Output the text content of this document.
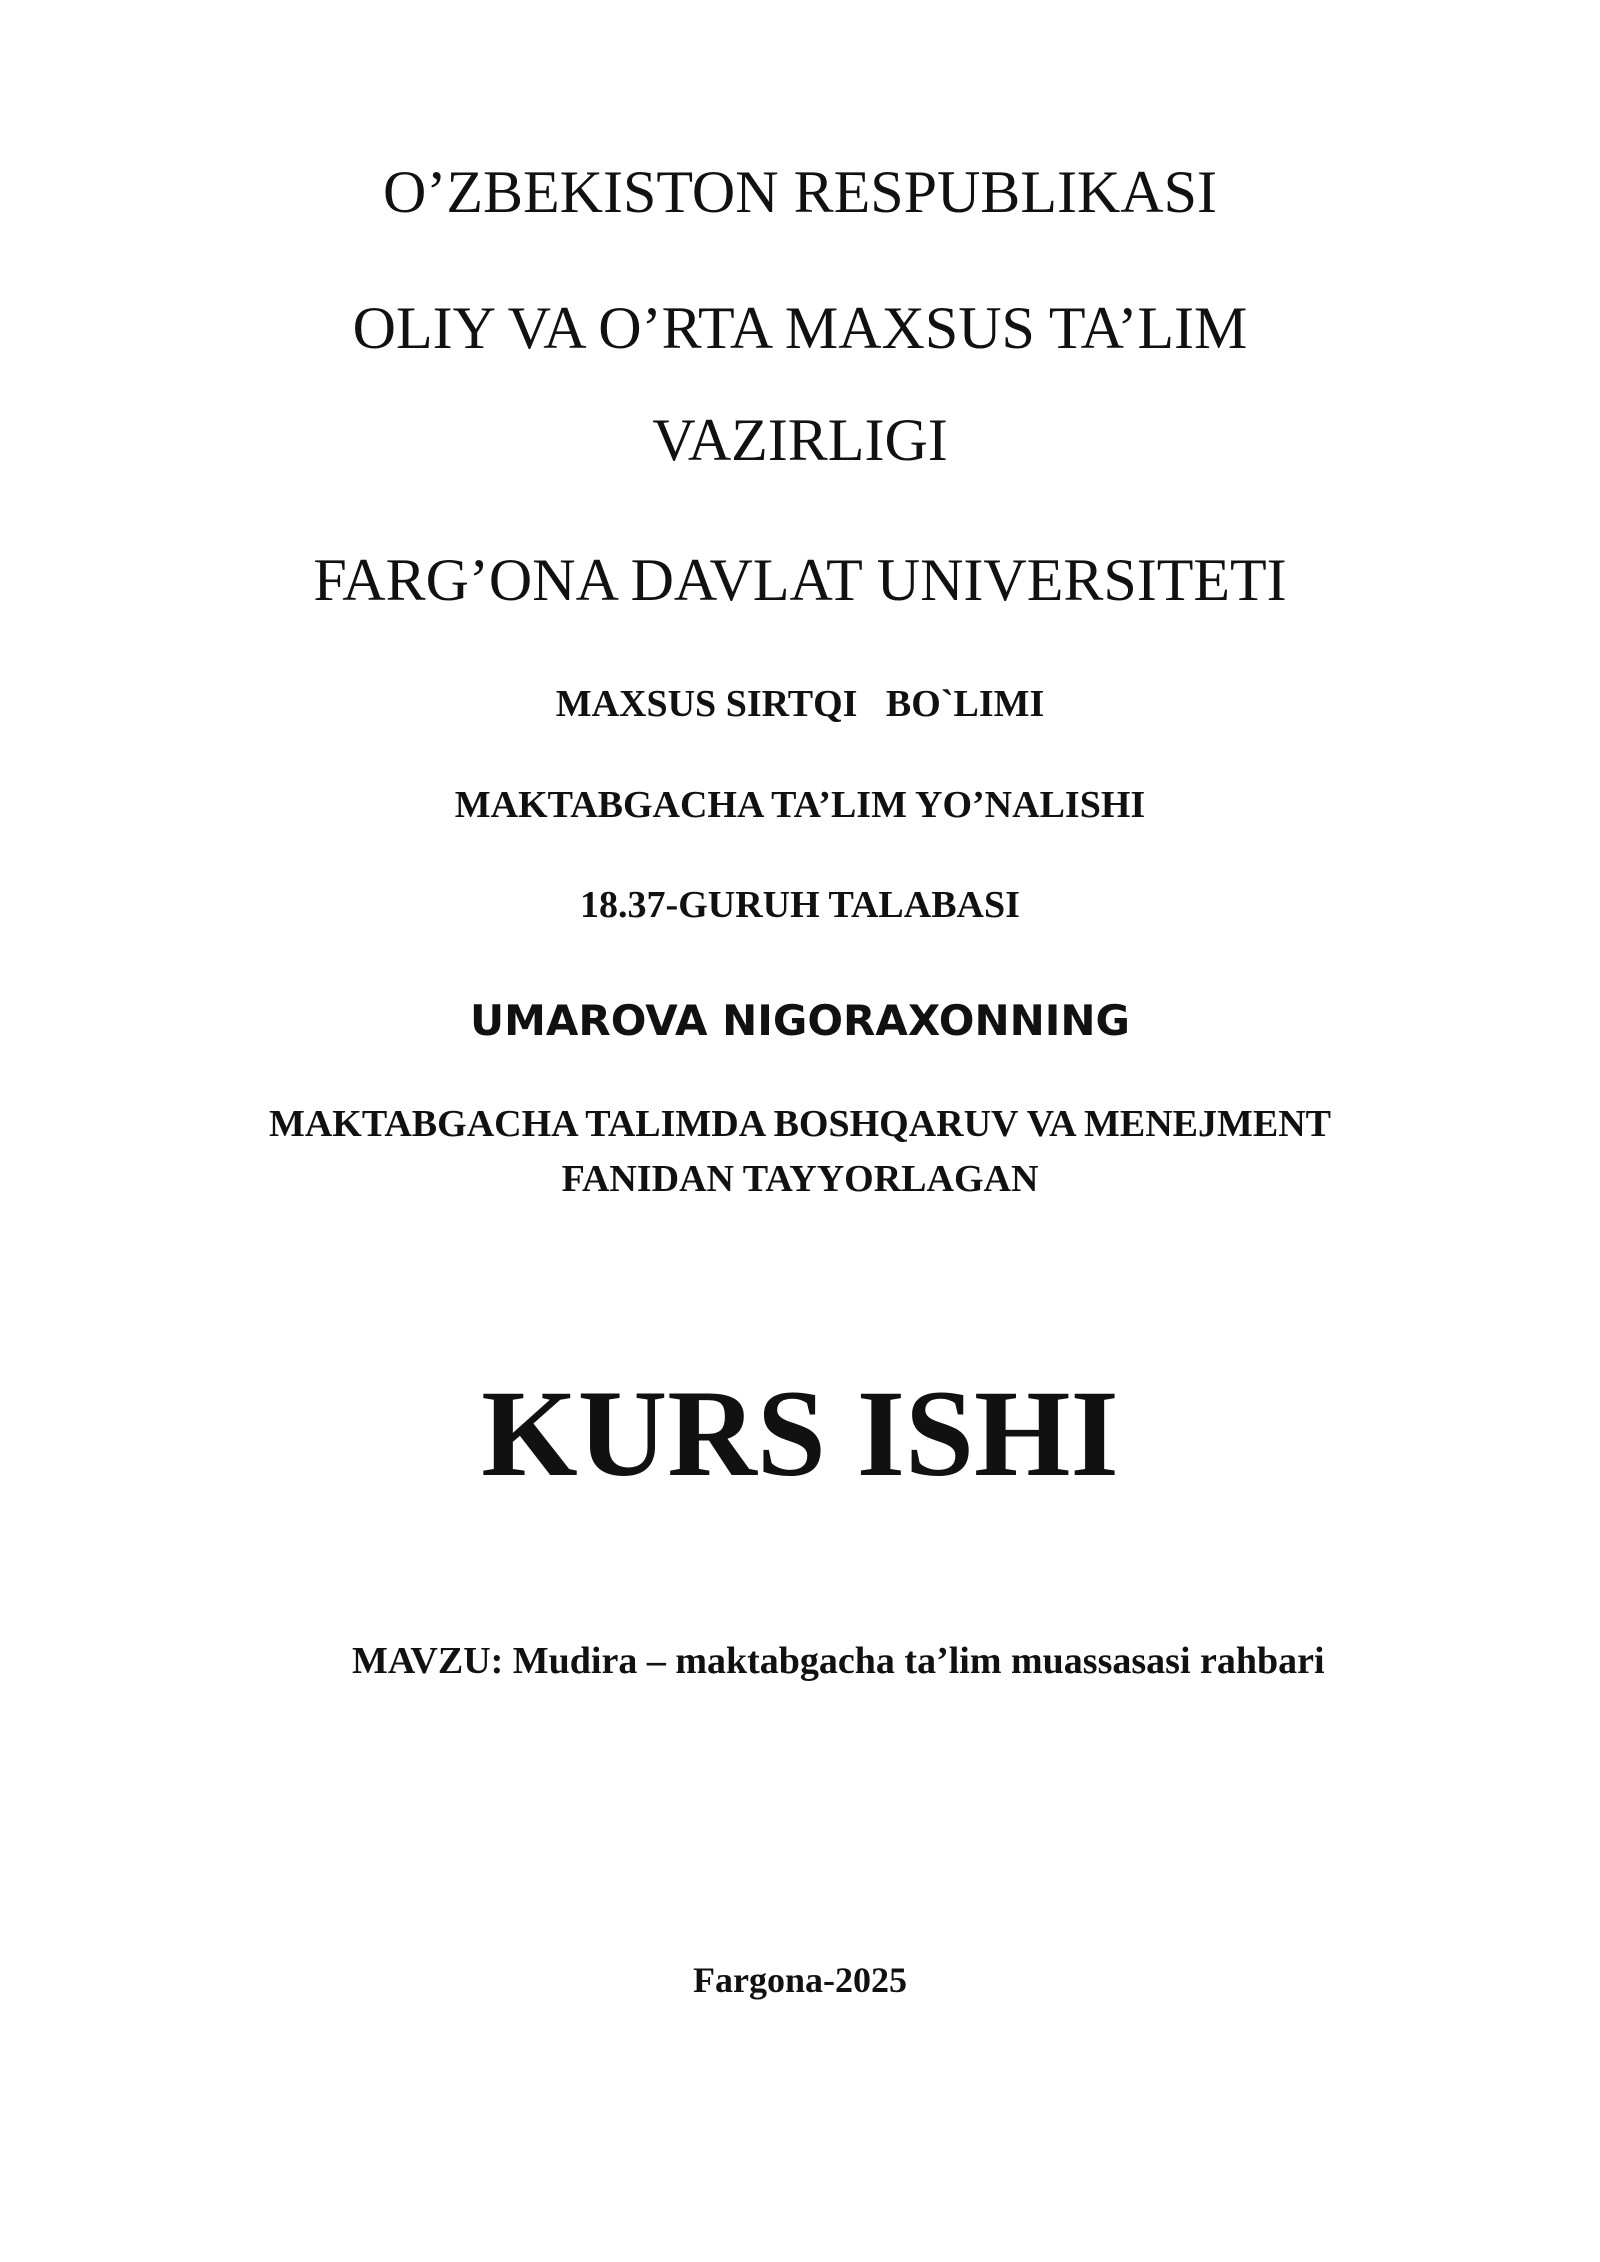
O’ZBEKISTON RESPUBLIKASI
OLIY VA O’RTA MAXSUS TA’LIM
VAZIRLIGI
FARG’ONA DAVLAT UNIVERSITETI
MAXSUS SIRTQI   BO`LIMI
MAKTABGACHA TA’LIM YO’NALISHI
18.37-GURUH TALABASI
UMAROVA NIGORAXONNING
MAKTABGACHA TALIMDA BOSHQARUV VA MENEJMENT
FANIDAN TAYYORLAGAN
KURS ISHI
MAVZU: Mudira – maktabgacha ta’lim muassasasi rahbari
Fargona-2025
